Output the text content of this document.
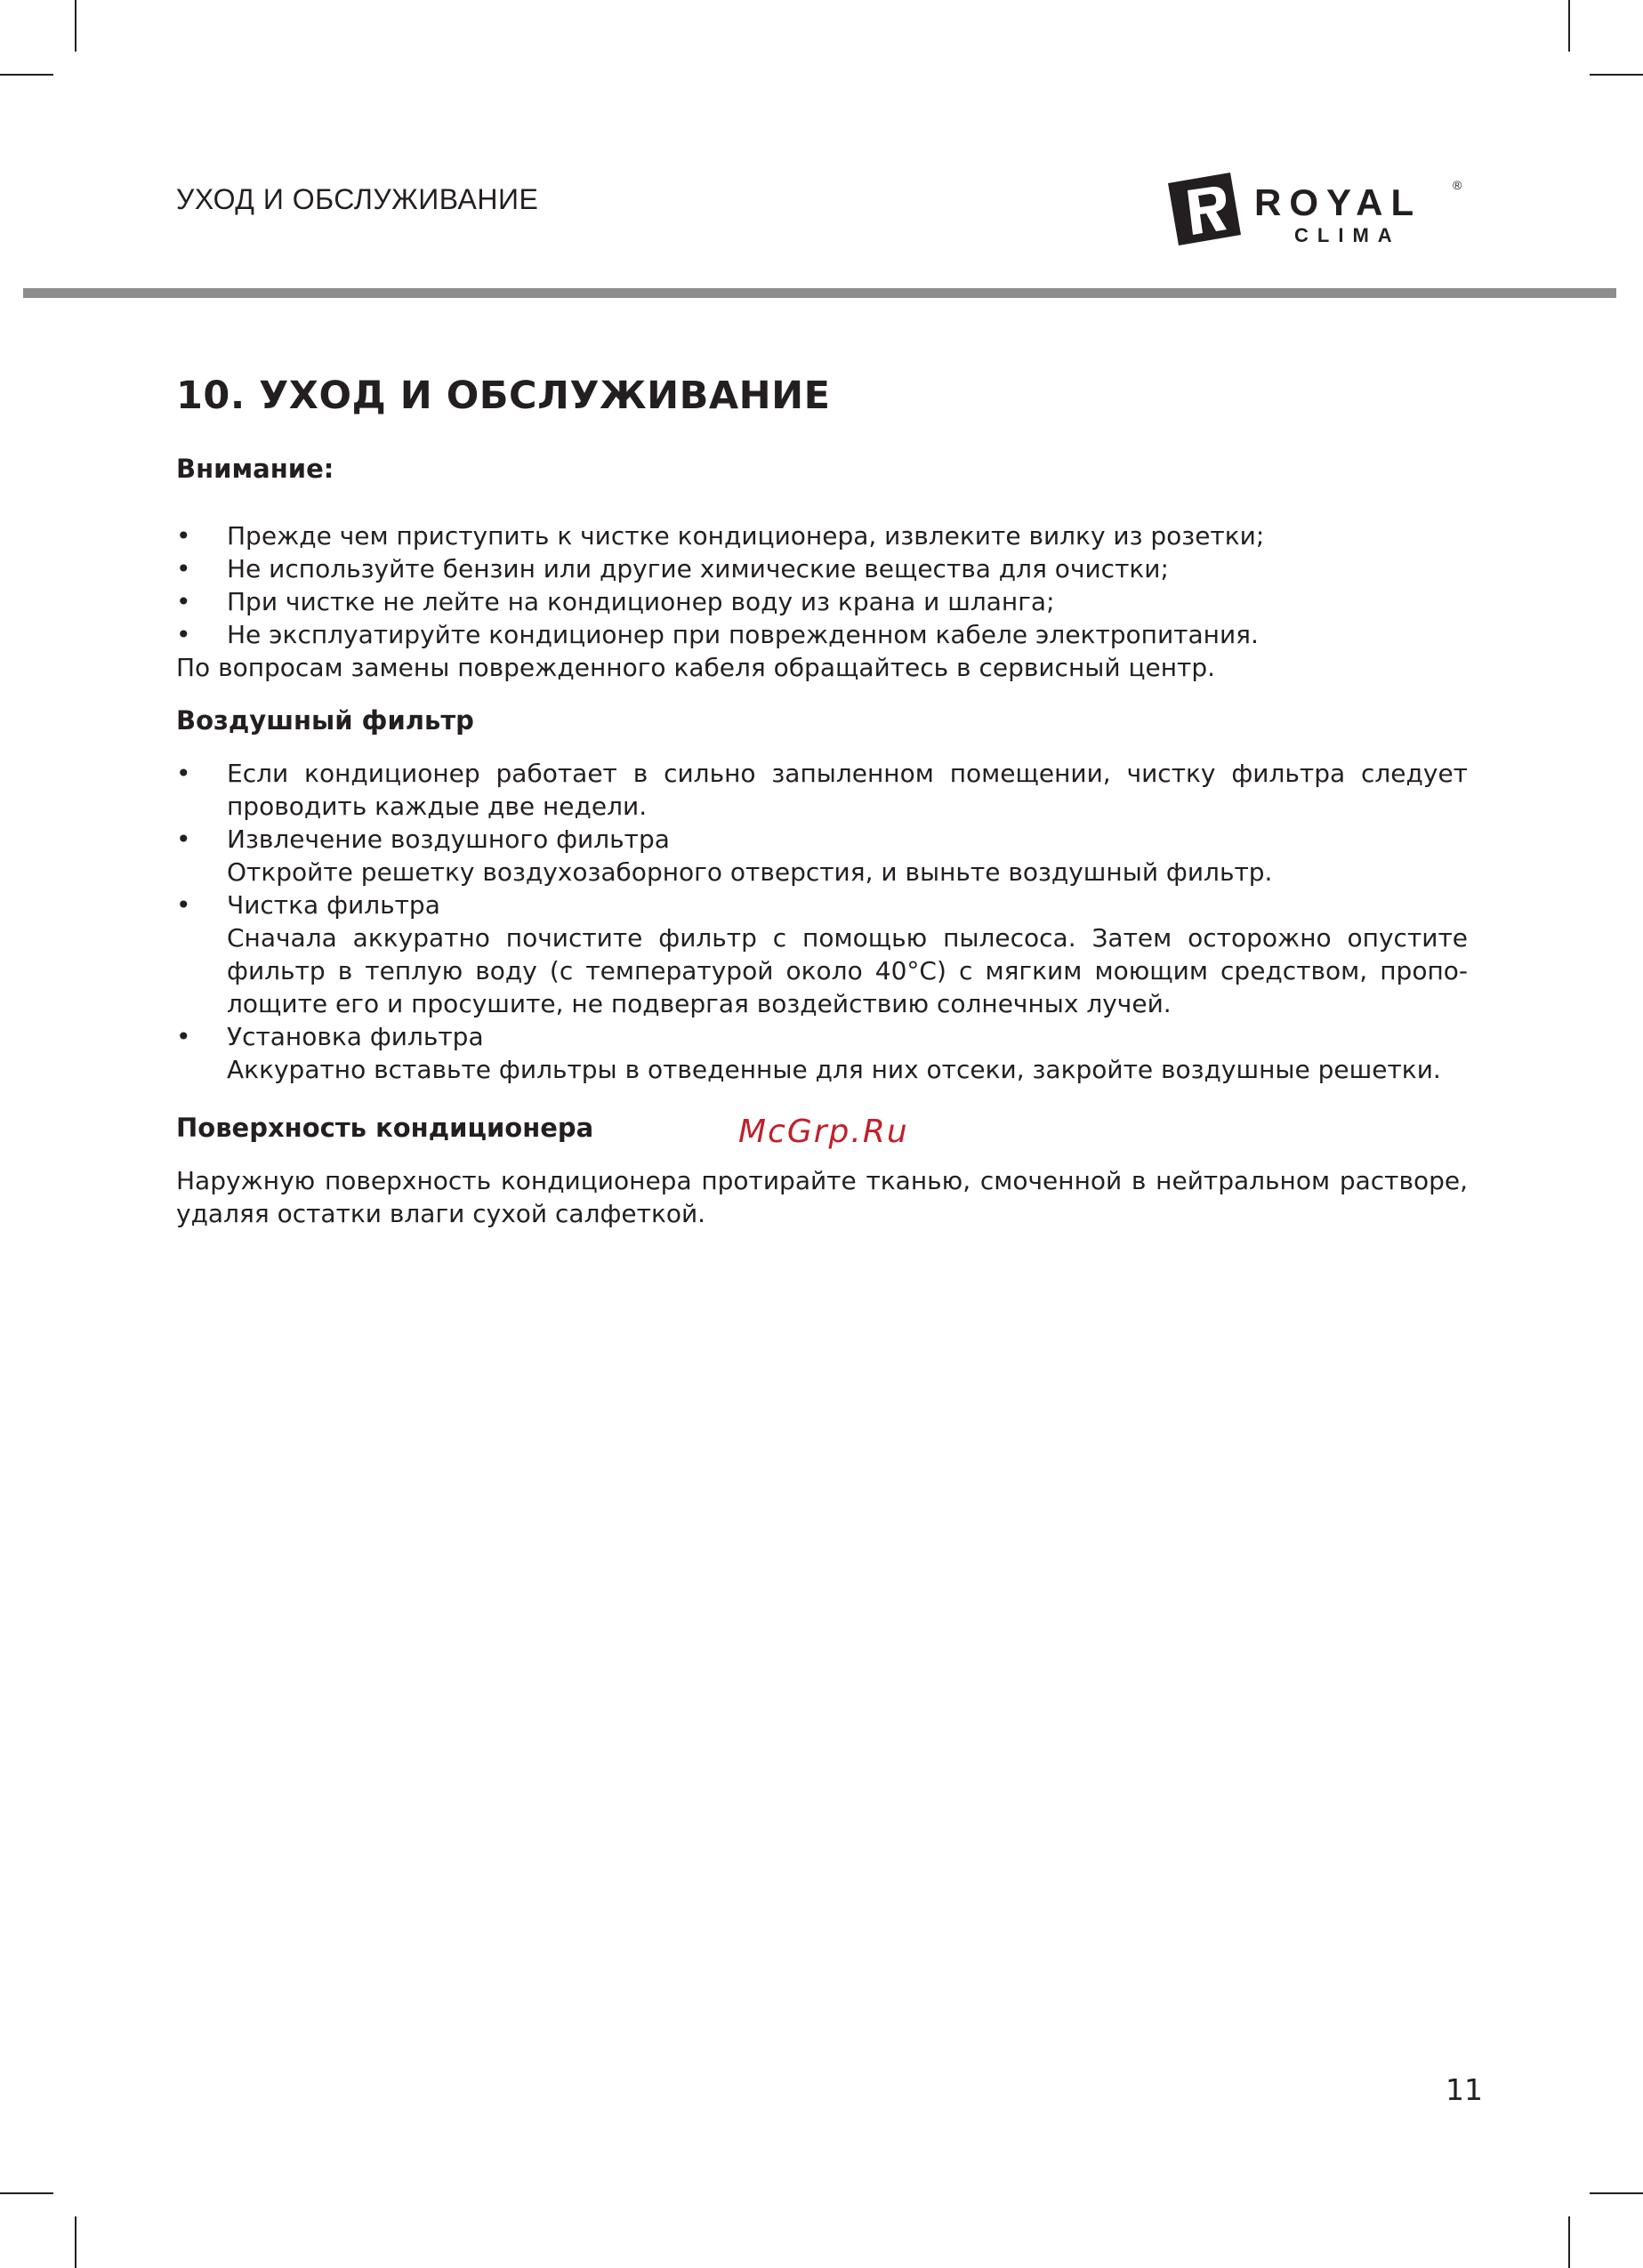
УХОД И ОБСЛУЖИВАНИЕ	ROYAL ®
CLIMA
10. УХОД И ОБСЛУЖИВАНИЕ
Внимание:
• Прежде чем приступить к чистке кондиционера, извлеките вилку из розетки;
• Не используйте бензин или другие химические вещества для очистки;
• При чистке не лейте на кондиционер воду из крана и шланга;
• Не эксплуатируйте кондиционер при поврежденном кабеле электропитания.

По вопросам замены поврежденного кабеля обращайтесь в сервисный центр.

Воздушный фильтр
• Если кондиционер работает в сильно запыленном помещении, чистку фильтра следует проводить каждые две недели.
• Извлечение воздушного фильтра
Откройте решетку воздухозаборного отверстия, и выньте воздушный фильтр.
• Чистка фильтра
Сначала аккуратно почистите фильтр с помощью пылесоса. Затем осторожно опустите фильтр в теплую воду (с температурой около 40°C) с мягким моющим средством, пропо-лощите его и просушите, не подвергая воздействию солнечных лучей.
• Установка фильтра
Аккуратно вставьте фильтры в отведенные для них отсеки, закройте воздушные решетки.
Поверхность кондиционера

Наружную поверхность кондиционера протирайте тканью, смоченной в нейтральном растворе, удаляя остатки влаги сухой салфеткой.

McGrp.Ru
11
